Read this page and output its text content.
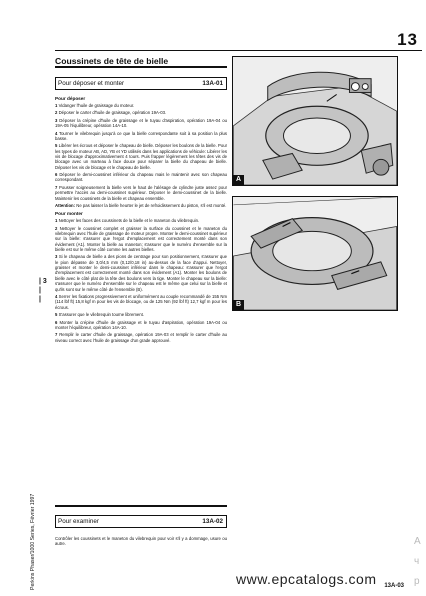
13
Coussinets de tête de bielle
Pour déposer et monter	13A-01

Pour déposer

1 Vidanger l'huile de graissage du moteur.

2 Déposer le carter d'huile de graissage, opération 19A-03.

3 Déposer la crépine d'huile de graissage et le tuyau d'aspiration, opération 19A-04 ou 19A-05 l'équilibreur, opération 14A-10.

4 Tourner le vilebrequin jusqu'à ce que la bielle correspondante soit à sa position la plus basse.

5 Libérer les écrous et déposer le chapeau de bielle. Déposer les boulons de la bielle. Pour les types de moteur AB, AD, YB et YD utilisés dans les applications de véhicule: Libérer les vis de blocage d'approximativement 4 tours. Puis frapper légèrement les têtes des vis de blocage avec un marteau à face douce pour séparer la bielle du chapeau de bielle. Déposer les vis de blocage et le chapeau de bielle.

6 Déposer le demi-coussinet inférieur du chapeau mais le maintenir avec son chapeau correspondant.

7 Pousser soigneusement la bielle vers le haut de l'alésage de cylindre juste assez pour permettre l'accès au demi-coussinet supérieur. Déposer le demi-coussinet de la bielle. Maintenir les coussinets de la bielle et chapeau ensemble.

Attention: Ne pas laisser la bielle heurter le jet de refroidissement du piston, s'il est monté.

Pour monter

1 Nettoyer les faces des coussinets de la bielle et le maneton du vilebrequin.

2 Nettoyer le coussinet complet et graisser la surface du coussinet et le maneton du vilebrequin avec l'huile de graissage de moteur propre. Monter le demi-coussinet supérieur sur la bielle: s'assurer que l'ergot d'emplacement est correctement monté dans son évidement (A1). Monter la bielle au maneton; s'assurer que le numéro d'ensemble sur la bielle est sur le même côté comme les autres bielles.

3 Si le chapeau de bielle a des pions de centrage pour son positionnement, s'assurer que le pion dépasse de 3,0/4,5 mm (0,12/0,18 in) au-dessus de la face d'appui. Nettoyer, graisser et monter le demi-coussinet inférieur dans le chapeau: s'assurer que l'ergot d'emplacement est correctement monté dans son évidement (A1). Monter les boulons de bielle avec le côté plat de la tête des boulons vers la tige. Monter le chapeau sur la bielle: s'assurer que le numéro d'ensemble sur le chapeau est le même que celui sur la bielle et qu'ils sont sur le même côté de l'ensemble (B).

4 Serrer les fixations progressivement et uniformément au couple recommandé de 155 Nm (114 lbf ft) 15,8 kgf m pour les vis de blocage, ou de 125 Nm (92 lbf ft) 12,7 kgf m pour les écrous.

5 S'assurer que le vilebrequin tourne librement.

6 Monter la crépine d'huile de graissage et le tuyau d'aspiration, opération 19A-04 ou monter l'équilibreur, opération 14A-10.

7 Remplir le carter d'huile de graissage, opération 19A-03 et remplir le carter d'huile au niveau correct avec l'huile de graissage d'un grade approuvé.

| 3
|
|
Pour examiner	13A-02

Contrôler les coussinets et le maneton du vilebrequin pour voir s'il y a dommage, usure ou autre.

Perkins Phaser/1000 Series, Février 1997
A
B
www.epcatalogs.com 13A-03
A
ч
р
